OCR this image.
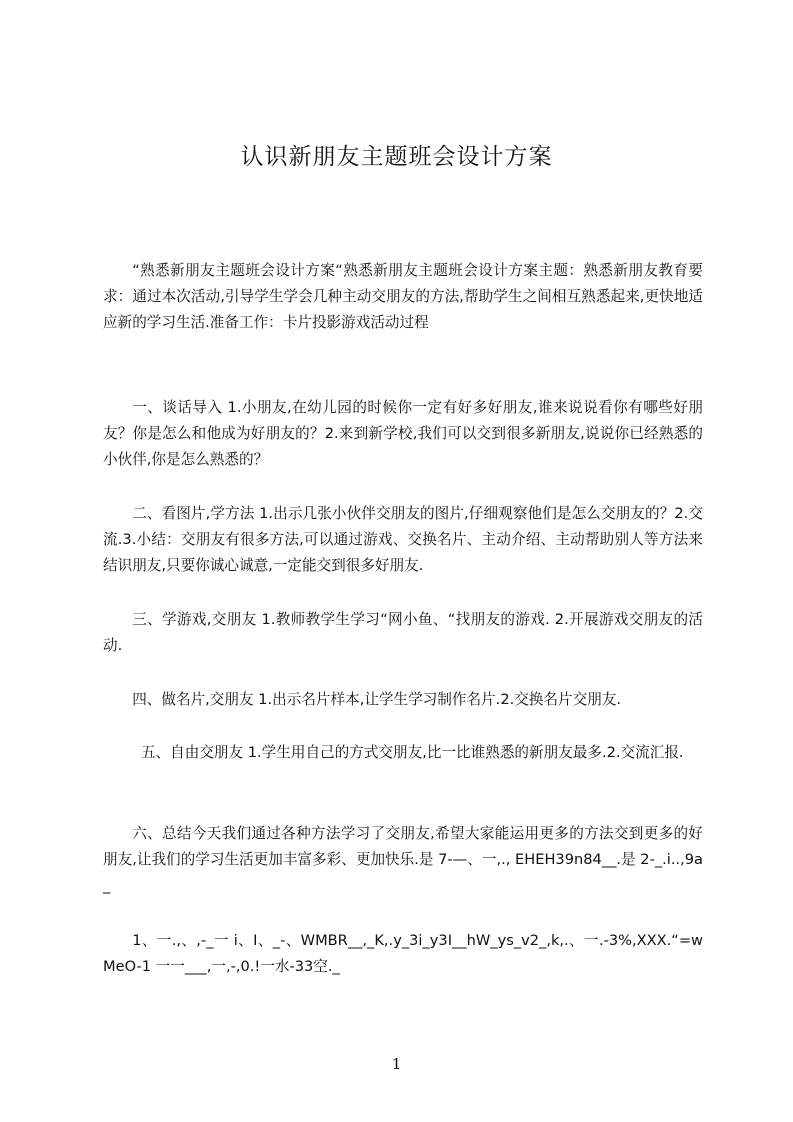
认识新朋友主题班会设计方案

“熟悉新朋友主题班会设计方案“熟悉新朋友主题班会设计方案主题：熟悉新朋友教育要求：通过本次活动,引导学生学会几种主动交朋友的方法,帮助学生之间相互熟悉起来,更快地适应新的学习生活.准备工作：卡片投影游戏活动过程

一、谈话导入 1.小朋友,在幼儿园的时候你一定有好多好朋友,谁来说说看你有哪些好朋友？你是怎么和他成为好朋友的？2.来到新学校,我们可以交到很多新朋友,说说你已经熟悉的小伙伴,你是怎么熟悉的？

二、看图片,学方法 1.出示几张小伙伴交朋友的图片,仔细观察他们是怎么交朋友的？2.交流.3.小结：交朋友有很多方法,可以通过游戏、交换名片、主动介绍、主动帮助别人等方法来结识朋友,只要你诚心诚意,一定能交到很多好朋友.

三、学游戏,交朋友 1.教师教学生学习“网小鱼、“找朋友的游戏. 2.开展游戏交朋友的活动.

四、做名片,交朋友 1.出示名片样本,让学生学习制作名片.2.交换名片交朋友.

五、自由交朋友 1.学生用自己的方式交朋友,比一比谁熟悉的新朋友最多.2.交流汇报.

六、总结今天我们通过各种方法学习了交朋友,希望大家能运用更多的方法交到更多的好朋友,让我们的学习生活更加丰富多彩、更加快乐.是 7-—、一,., EHEH39n84__.是 2-_.i..,9a_

1、一.,、,-_一 i、I、_-、WMBR__,_K,.y_3i_y3I__hW_ys_v2_,k,.、一.-3%,XXX.“=wMeO-1 一一___,一,-,0.!一水-33空._

1
